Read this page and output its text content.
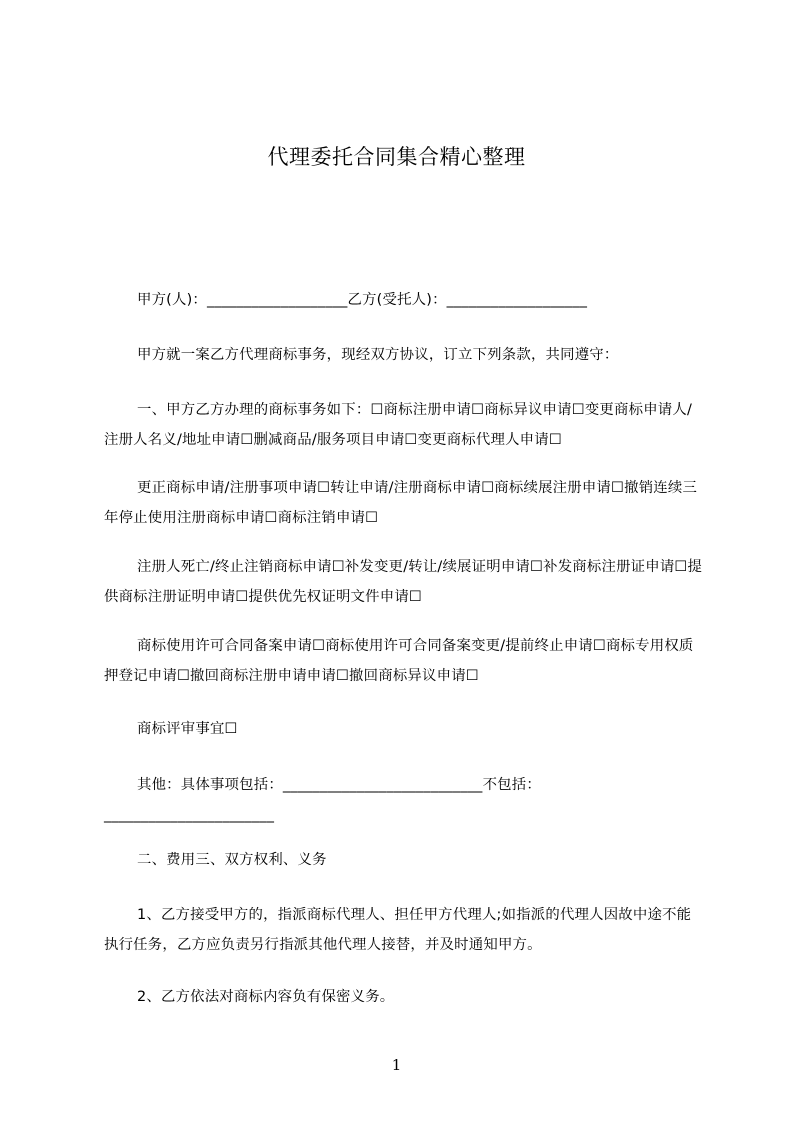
代理委托合同集合精心整理
甲方(人)：___________________乙方(受托人)：___________________
甲方就一案乙方代理商标事务，现经双方协议，订立下列条款，共同遵守：
一、甲方乙方办理的商标事务如下：☐商标注册申请☐商标异议申请☐变更商标申请人/注册人名义/地址申请☐删减商品/服务项目申请☐变更商标代理人申请☐
更正商标申请/注册事项申请☐转让申请/注册商标申请☐商标续展注册申请☐撤销连续三年停止使用注册商标申请☐商标注销申请☐
注册人死亡/终止注销商标申请☐补发变更/转让/续展证明申请☐补发商标注册证申请☐提供商标注册证明申请☐提供优先权证明文件申请☐
商标使用许可合同备案申请☐商标使用许可合同备案变更/提前终止申请☐商标专用权质押登记申请☐撤回商标注册申请申请☐撤回商标异议申请☐
商标评审事宜☐
其他：具体事项包括：___________________________不包括：_______________________
二、费用三、双方权利、义务
1、乙方接受甲方的，指派商标代理人、担任甲方代理人;如指派的代理人因故中途不能执行任务，乙方应负责另行指派其他代理人接替，并及时通知甲方。
2、乙方依法对商标内容负有保密义务。
1
